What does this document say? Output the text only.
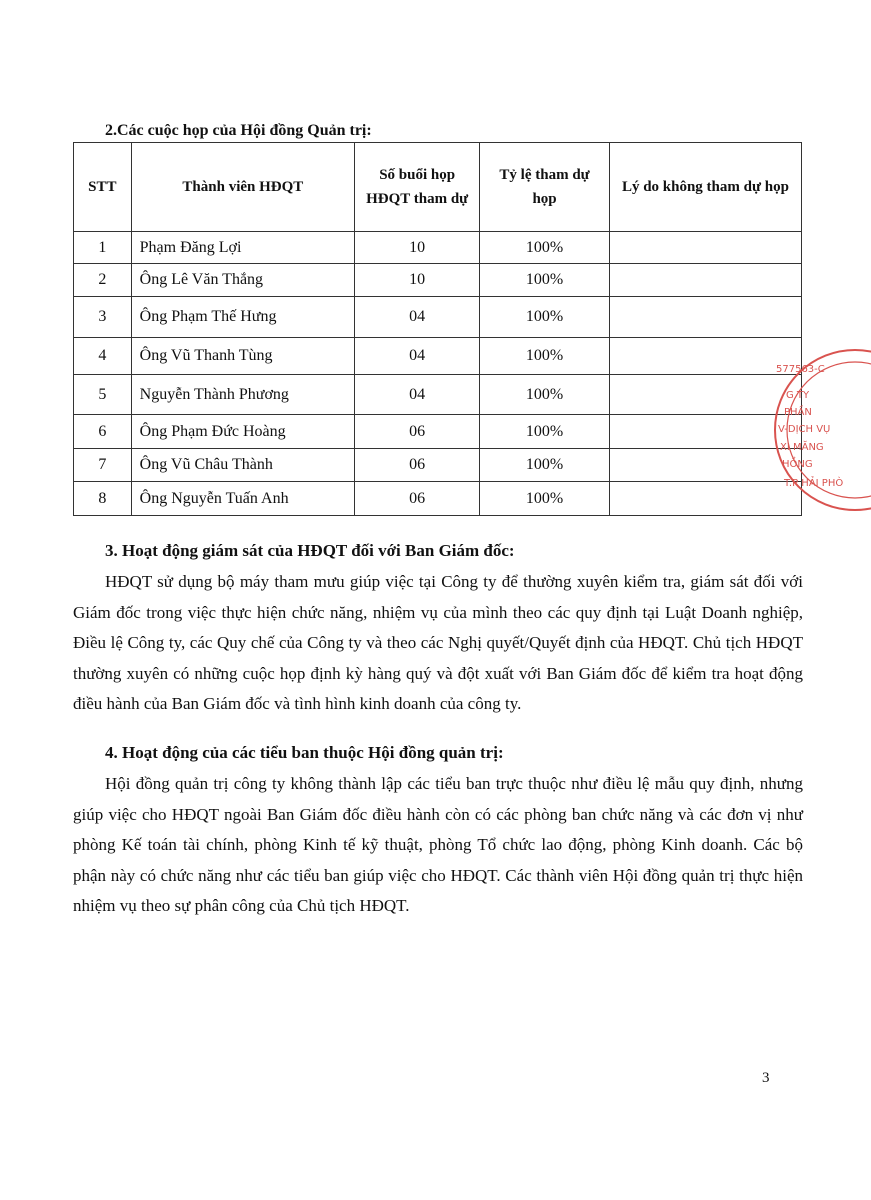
2.Các cuộc họp của Hội đồng Quản trị:

STT	Thành viên HĐQT	Số buổi họp HĐQT tham dự	Tỷ lệ tham dự họp	Lý do không tham dự họp
1	Phạm Đăng Lợi	10	100%	
2	Ông Lê Văn Thắng	10	100%	
3	Ông Phạm Thế Hưng	04	100%	
4	Ông Vũ Thanh Tùng	04	100%	
5	Nguyễn Thành Phương	04	100%	
6	Ông Phạm Đức Hoàng	06	100%	
7	Ông Vũ Châu Thành	06	100%	
8	Ông Nguyễn Tuấn Anh	06	100%	
577563-C
G TY
PHẦN
V-DỊCH VỤ
XI MĂNG
HỒNG
T.P HẢI PHÒ

3. Hoạt động giám sát của HĐQT đối với Ban Giám đốc:

HĐQT sử dụng bộ máy tham mưu giúp việc tại Công ty để thường xuyên kiểm tra, giám sát đối với Giám đốc trong việc thực hiện chức năng, nhiệm vụ của mình theo các quy định tại Luật Doanh nghiệp, Điều lệ Công ty, các Quy chế của Công ty và theo các Nghị quyết/Quyết định của HĐQT. Chủ tịch HĐQT thường xuyên có những cuộc họp định kỳ hàng quý và đột xuất với Ban Giám đốc để kiểm tra hoạt động điều hành của Ban Giám đốc và tình hình kinh doanh của công ty.

4. Hoạt động của các tiểu ban thuộc Hội đồng quản trị:

Hội đồng quản trị công ty không thành lập các tiểu ban trực thuộc như điều lệ mẫu quy định, nhưng giúp việc cho HĐQT ngoài Ban Giám đốc điều hành còn có các phòng ban chức năng và các đơn vị như phòng Kế toán tài chính, phòng Kinh tế kỹ thuật, phòng Tổ chức lao động, phòng Kinh doanh. Các bộ phận này có chức năng như các tiểu ban giúp việc cho HĐQT. Các thành viên Hội đồng quản trị thực hiện nhiệm vụ theo sự phân công của Chủ tịch HĐQT.

3
